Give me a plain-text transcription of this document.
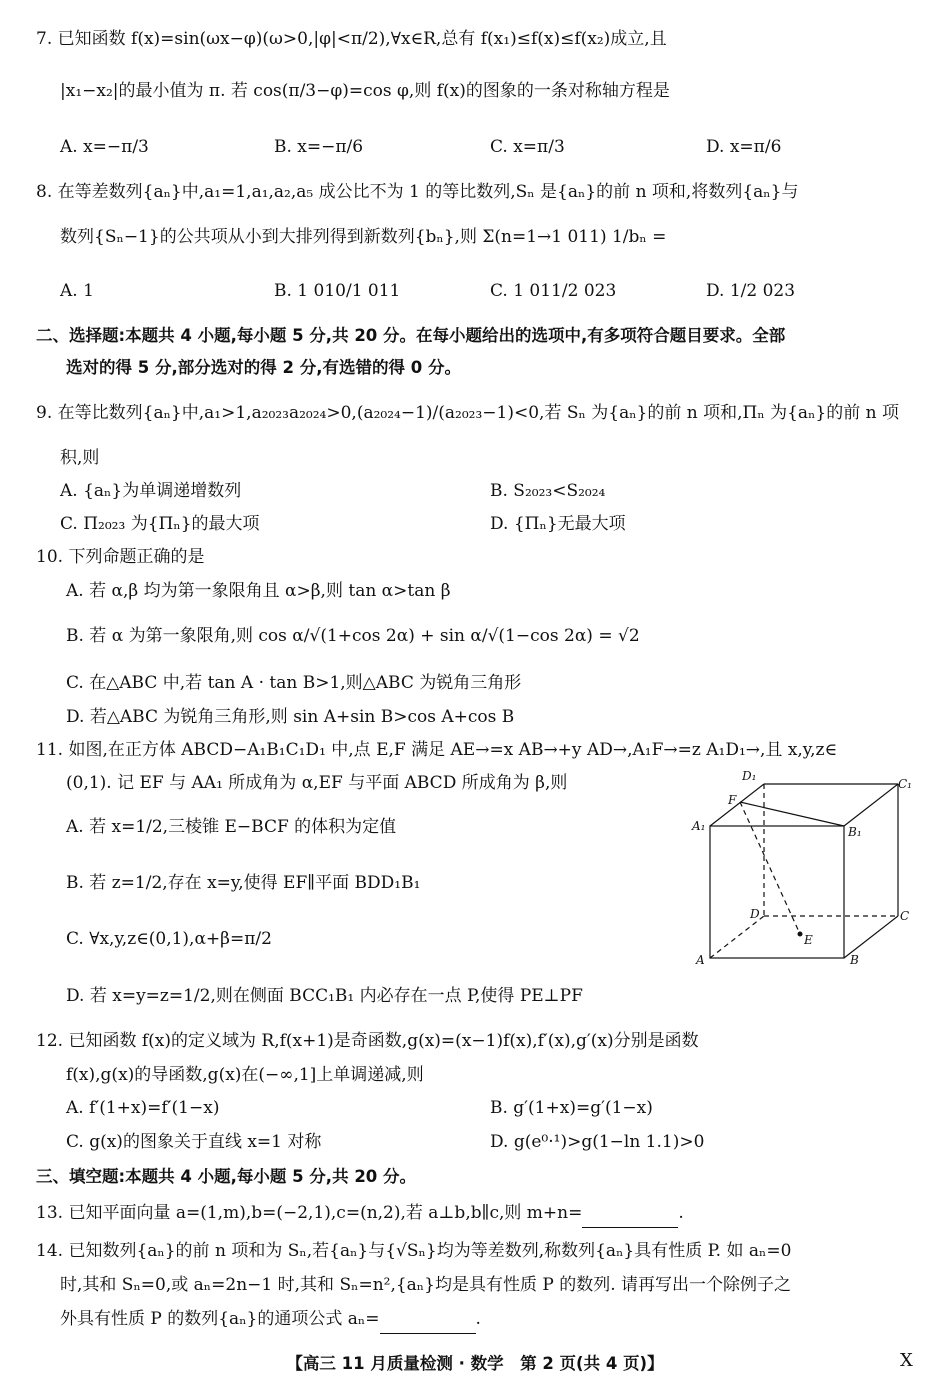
7. 已知函数 f(x)=sin(ωx−φ)(ω>0,|φ|<π/2),∀x∈R,总有 f(x₁)≤f(x)≤f(x₂)成立,且
|x₁−x₂|的最小值为 π. 若 cos(π/3−φ)=cos φ,则 f(x)的图象的一条对称轴方程是
A. x=−π/3	B. x=−π/6	C. x=π/3	D. x=π/6
8. 在等差数列{aₙ}中,a₁=1,a₁,a₂,a₅ 成公比不为 1 的等比数列,Sₙ 是{aₙ}的前 n 项和,将数列{aₙ}与
数列{Sₙ−1}的公共项从小到大排列得到新数列{bₙ},则 Σ(n=1→1 011) 1/bₙ =
A. 1	B. 1 010/1 011	C. 1 011/2 023	D. 1/2 023
二、选择题:本题共 4 小题,每小题 5 分,共 20 分。在每小题给出的选项中,有多项符合题目要求。全部
选对的得 5 分,部分选对的得 2 分,有选错的得 0 分。
9. 在等比数列{aₙ}中,a₁>1,a₂₀₂₃a₂₀₂₄>0,(a₂₀₂₄−1)/(a₂₀₂₃−1)<0,若 Sₙ 为{aₙ}的前 n 项和,Πₙ 为{aₙ}的前 n 项
积,则
A. {aₙ}为单调递增数列	B. S₂₀₂₃<S₂₀₂₄
C. Π₂₀₂₃ 为{Πₙ}的最大项	D. {Πₙ}无最大项
10. 下列命题正确的是
A. 若 α,β 均为第一象限角且 α>β,则 tan α>tan β
B. 若 α 为第一象限角,则 cos α/√(1+cos 2α) + sin α/√(1−cos 2α) = √2
C. 在△ABC 中,若 tan A · tan B>1,则△ABC 为锐角三角形
D. 若△ABC 为锐角三角形,则 sin A+sin B>cos A+cos B
11. 如图,在正方体 ABCD−A₁B₁C₁D₁ 中,点 E,F 满足 AE→=x AB→+y AD→,A₁F→=z A₁D₁→,且 x,y,z∈
(0,1). 记 EF 与 AA₁ 所成角为 α,EF 与平面 ABCD 所成角为 β,则
A. 若 x=1/2,三棱锥 E−BCF 的体积为定值
B. 若 z=1/2,存在 x=y,使得 EF∥平面 BDD₁B₁
C. ∀x,y,z∈(0,1),α+β=π/2
D. 若 x=y=z=1/2,则在侧面 BCC₁B₁ 内必存在一点 P,使得 PE⊥PF
D₁
C₁
F
A₁	B₁
D	C
E
A	B
12. 已知函数 f(x)的定义域为 R,f(x+1)是奇函数,g(x)=(x−1)f(x),f′(x),g′(x)分别是函数
f(x),g(x)的导函数,g(x)在(−∞,1]上单调递减,则
A. f′(1+x)=f′(1−x)	B. g′(1+x)=g′(1−x)
C. g(x)的图象关于直线 x=1 对称	D. g(e⁰·¹)>g(1−ln 1.1)>0
三、填空题:本题共 4 小题,每小题 5 分,共 20 分。
13. 已知平面向量 a=(1,m),b=(−2,1),c=(n,2),若 a⊥b,b∥c,则 m+n=	.
14. 已知数列{aₙ}的前 n 项和为 Sₙ,若{aₙ}与{√Sₙ}均为等差数列,称数列{aₙ}具有性质 P. 如 aₙ=0
时,其和 Sₙ=0,或 aₙ=2n−1 时,其和 Sₙ=n²,{aₙ}均是具有性质 P 的数列. 请再写出一个除例子之
外具有性质 P 的数列{aₙ}的通项公式 aₙ=	.
【高三 11 月质量检测 · 数学　第 2 页(共 4 页)】	X
